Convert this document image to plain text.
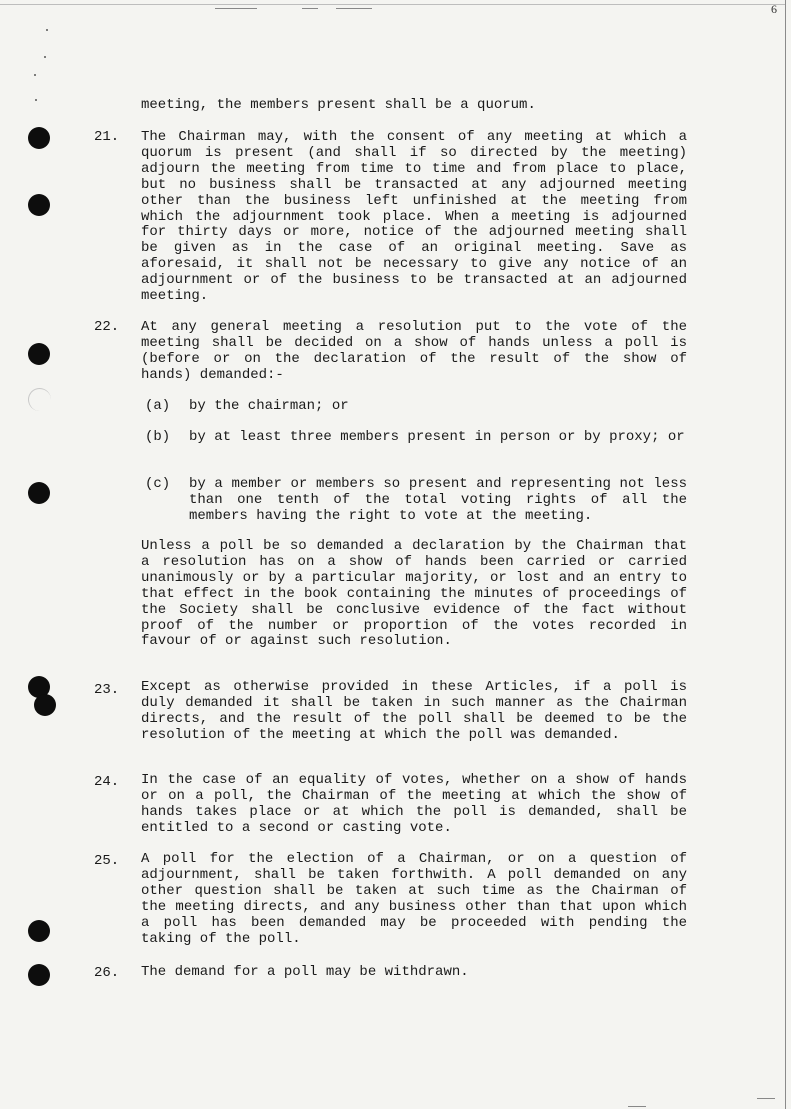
6
meeting, the members present shall be a quorum.
21. The Chairman may, with the consent of any meeting at which a quorum is present (and shall if so directed by the meeting) adjourn the meeting from time to time and from place to place, but no business shall be transacted at any adjourned meeting other than the business left unfinished at the meeting from which the adjournment took place. When a meeting is adjourned for thirty days or more, notice of the adjourned meeting shall be given as in the case of an original meeting. Save as aforesaid, it shall not be necessary to give any notice of an adjournment or of the business to be transacted at an adjourned meeting.
22. At any general meeting a resolution put to the vote of the meeting shall be decided on a show of hands unless a poll is (before or on the declaration of the result of the show of hands) demanded:-
(a) by the chairman; or
(b) by at least three members present in person or by proxy; or
(c) by a member or members so present and representing not less than one tenth of the total voting rights of all the members having the right to vote at the meeting.
Unless a poll be so demanded a declaration by the Chairman that a resolution has on a show of hands been carried or carried unanimously or by a particular majority, or lost and an entry to that effect in the book containing the minutes of proceedings of the Society shall be conclusive evidence of the fact without proof of the number or proportion of the votes recorded in favour of or against such resolution.
23. Except as otherwise provided in these Articles, if a poll is duly demanded it shall be taken in such manner as the Chairman directs, and the result of the poll shall be deemed to be the resolution of the meeting at which the poll was demanded.
24. In the case of an equality of votes, whether on a show of hands or on a poll, the Chairman of the meeting at which the show of hands takes place or at which the poll is demanded, shall be entitled to a second or casting vote.
25. A poll for the election of a Chairman, or on a question of adjournment, shall be taken forthwith. A poll demanded on any other question shall be taken at such time as the Chairman of the meeting directs, and any business other than that upon which a poll has been demanded may be proceeded with pending the taking of the poll.
26. The demand for a poll may be withdrawn.
